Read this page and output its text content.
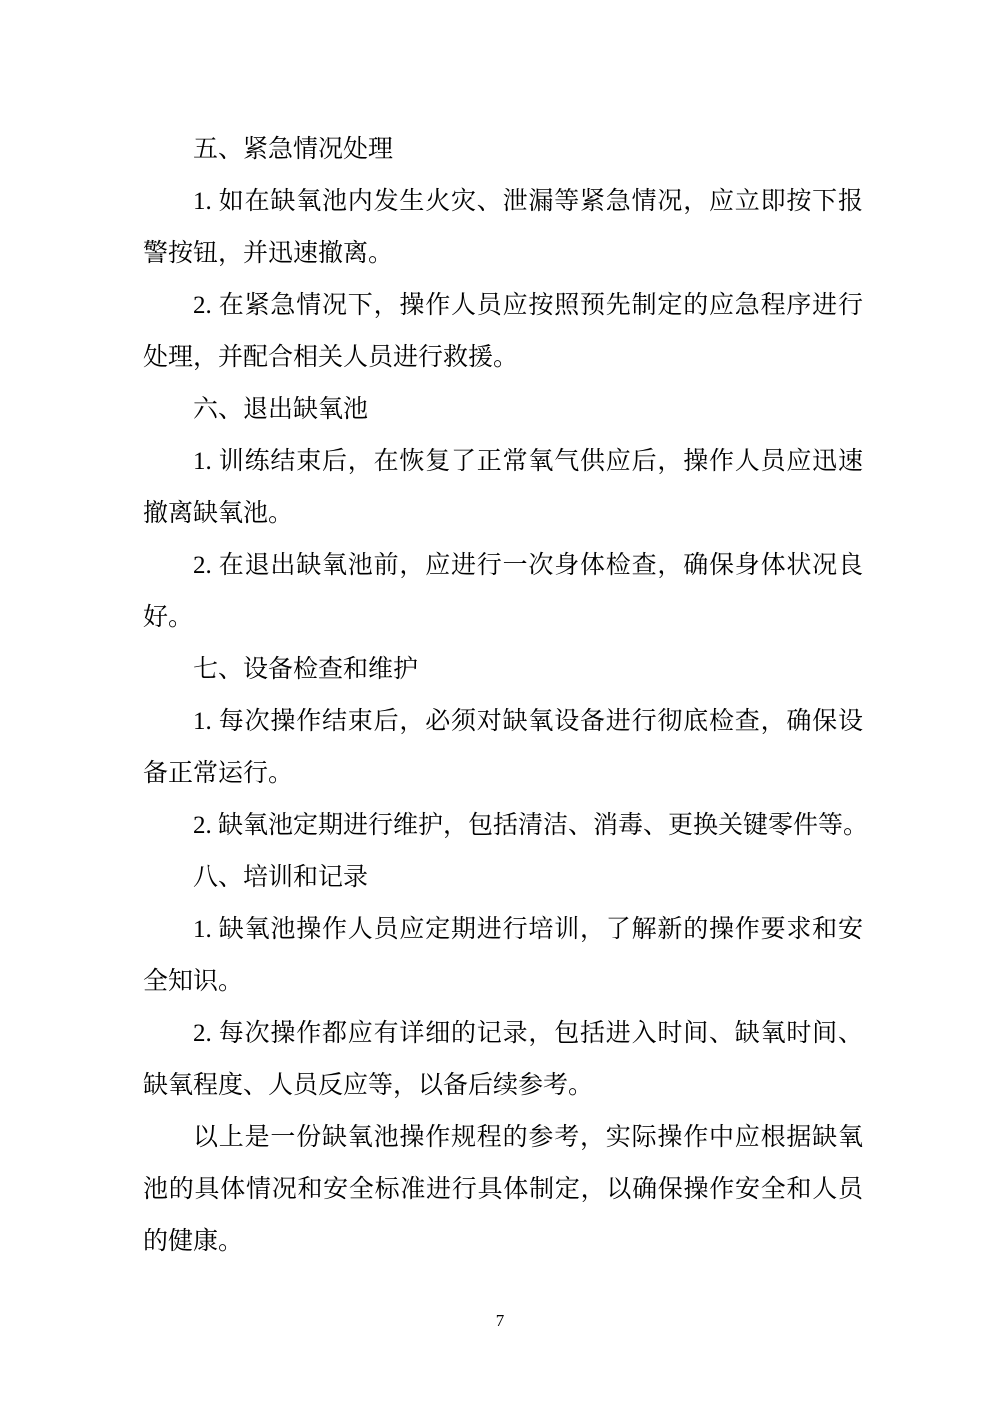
五、紧急情况处理
1. 如在缺氧池内发生火灾、泄漏等紧急情况，应立即按下报
警按钮，并迅速撤离。
2. 在紧急情况下，操作人员应按照预先制定的应急程序进行
处理，并配合相关人员进行救援。
六、退出缺氧池
1. 训练结束后，在恢复了正常氧气供应后，操作人员应迅速
撤离缺氧池。
2. 在退出缺氧池前，应进行一次身体检查，确保身体状况良
好。
七、设备检查和维护
1. 每次操作结束后，必须对缺氧设备进行彻底检查，确保设
备正常运行。
2. 缺氧池定期进行维护，包括清洁、消毒、更换关键零件等。
八、培训和记录
1. 缺氧池操作人员应定期进行培训，了解新的操作要求和安
全知识。
2. 每次操作都应有详细的记录，包括进入时间、缺氧时间、
缺氧程度、人员反应等，以备后续参考。
以上是一份缺氧池操作规程的参考，实际操作中应根据缺氧
池的具体情况和安全标准进行具体制定，以确保操作安全和人员
的健康。
7
